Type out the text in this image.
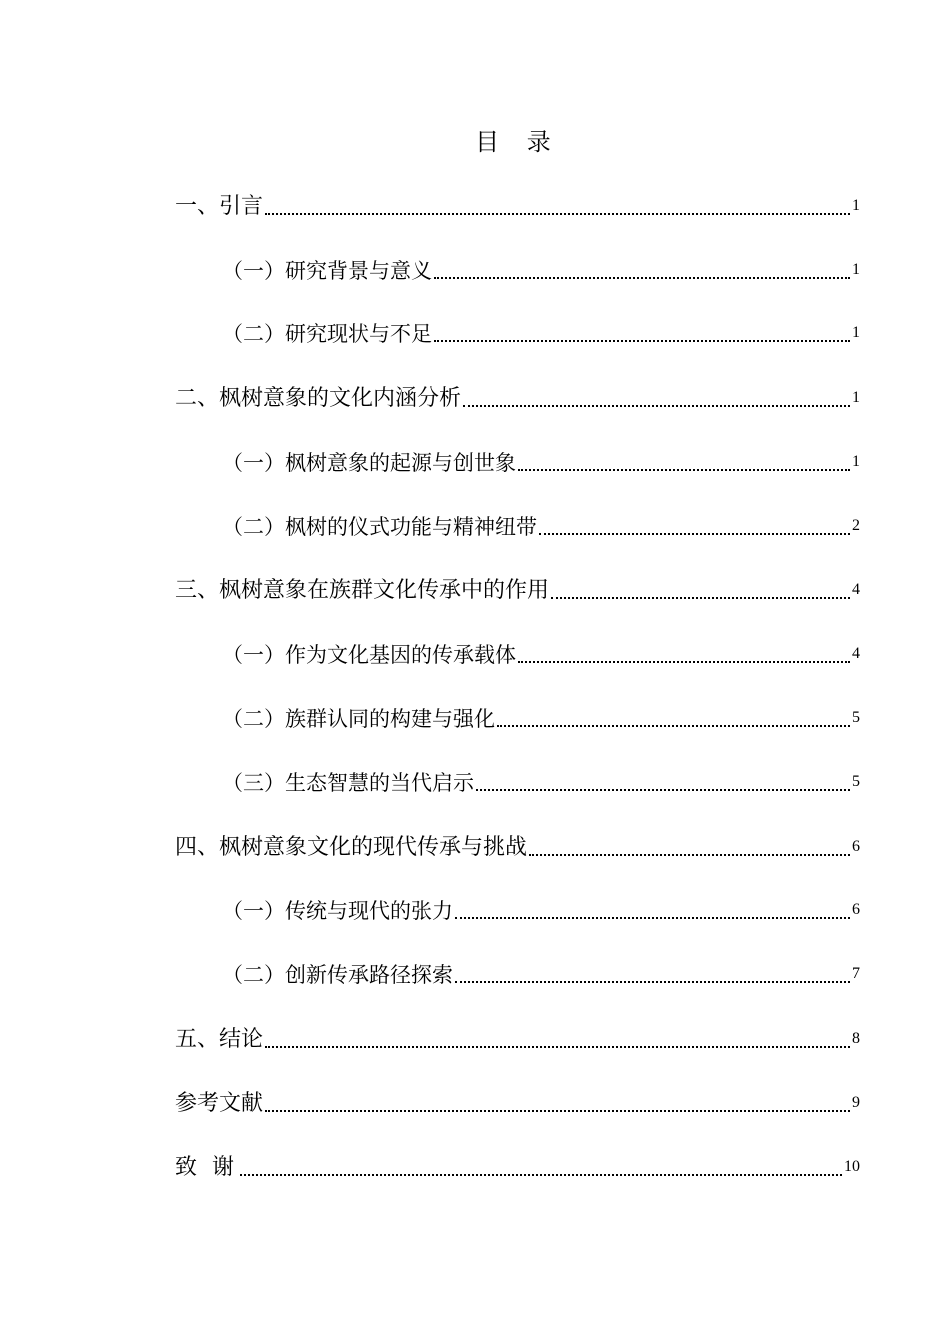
目 录
一、引言	1
（一）研究背景与意义	1
（二）研究现状与不足	1
二、枫树意象的文化内涵分析	1
（一）枫树意象的起源与创世象	1
（二）枫树的仪式功能与精神纽带	2
三、枫树意象在族群文化传承中的作用	4
（一）作为文化基因的传承载体	4
（二）族群认同的构建与强化	5
（三）生态智慧的当代启示	5
四、枫树意象文化的现代传承与挑战	6
（一）传统与现代的张力	6
（二）创新传承路径探索	7
五、结论	8
参考文献	9
致 谢	10
